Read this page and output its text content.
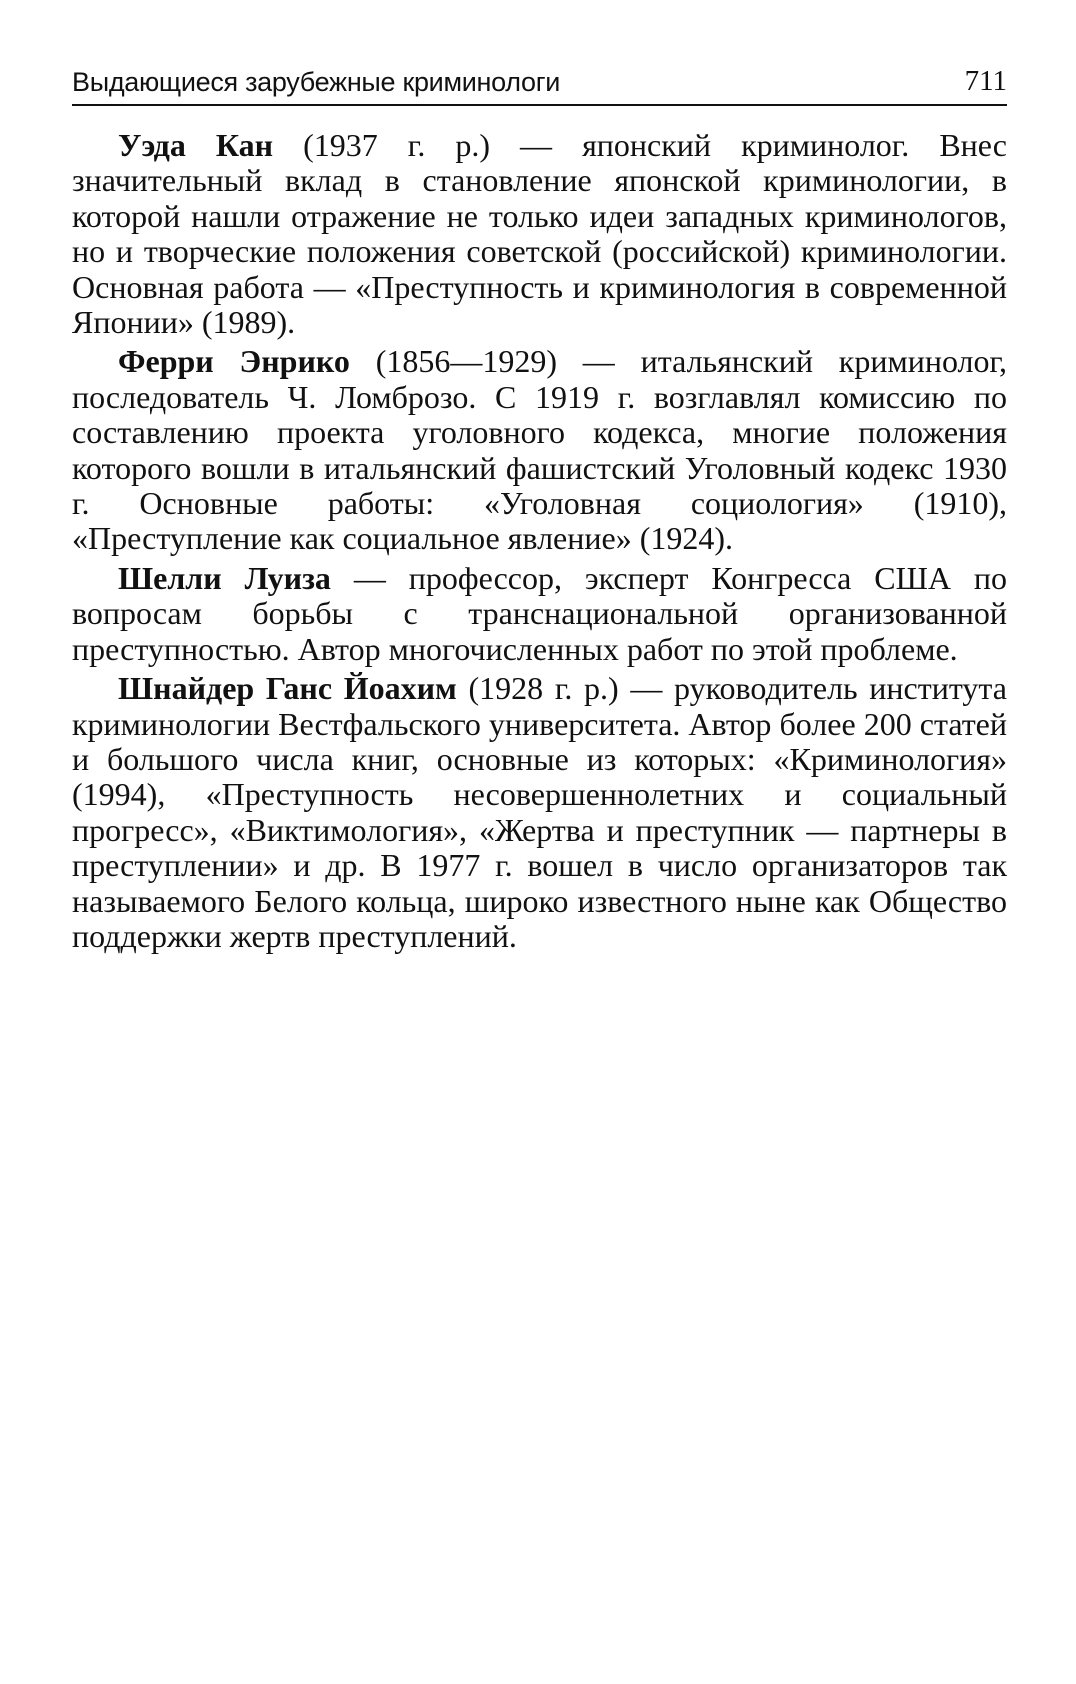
Выдающиеся зарубежные криминологи	711

Уэда Кан (1937 г. р.) — японский криминолог. Внес значительный вклад в становление японской криминологии, в которой нашли отражение не только идеи западных криминологов, но и творческие положения советской (российской) криминологии. Основная работа — «Преступность и криминология в современной Японии» (1989).

Ферри Энрико (1856—1929) — итальянский криминолог, последователь Ч. Ломброзо. С 1919 г. возглавлял комиссию по составлению проекта уголовного кодекса, многие положения которого вошли в итальянский фашистский Уголовный кодекс 1930 г. Основные работы: «Уголовная социология» (1910), «Преступление как социальное явление» (1924).

Шелли Луиза — профессор, эксперт Конгресса США по вопросам борьбы с транснациональной организованной преступностью. Автор многочисленных работ по этой проблеме.

Шнайдер Ганс Йоахим (1928 г. р.) — руководитель института криминологии Вестфальского университета. Автор более 200 статей и большого числа книг, основные из которых: «Криминология» (1994), «Преступность несовершеннолетних и социальный прогресс», «Виктимология», «Жертва и преступник — партнеры в преступлении» и др. В 1977 г. вошел в число организаторов так называемого Белого кольца, широко известного ныне как Общество поддержки жертв преступлений.
